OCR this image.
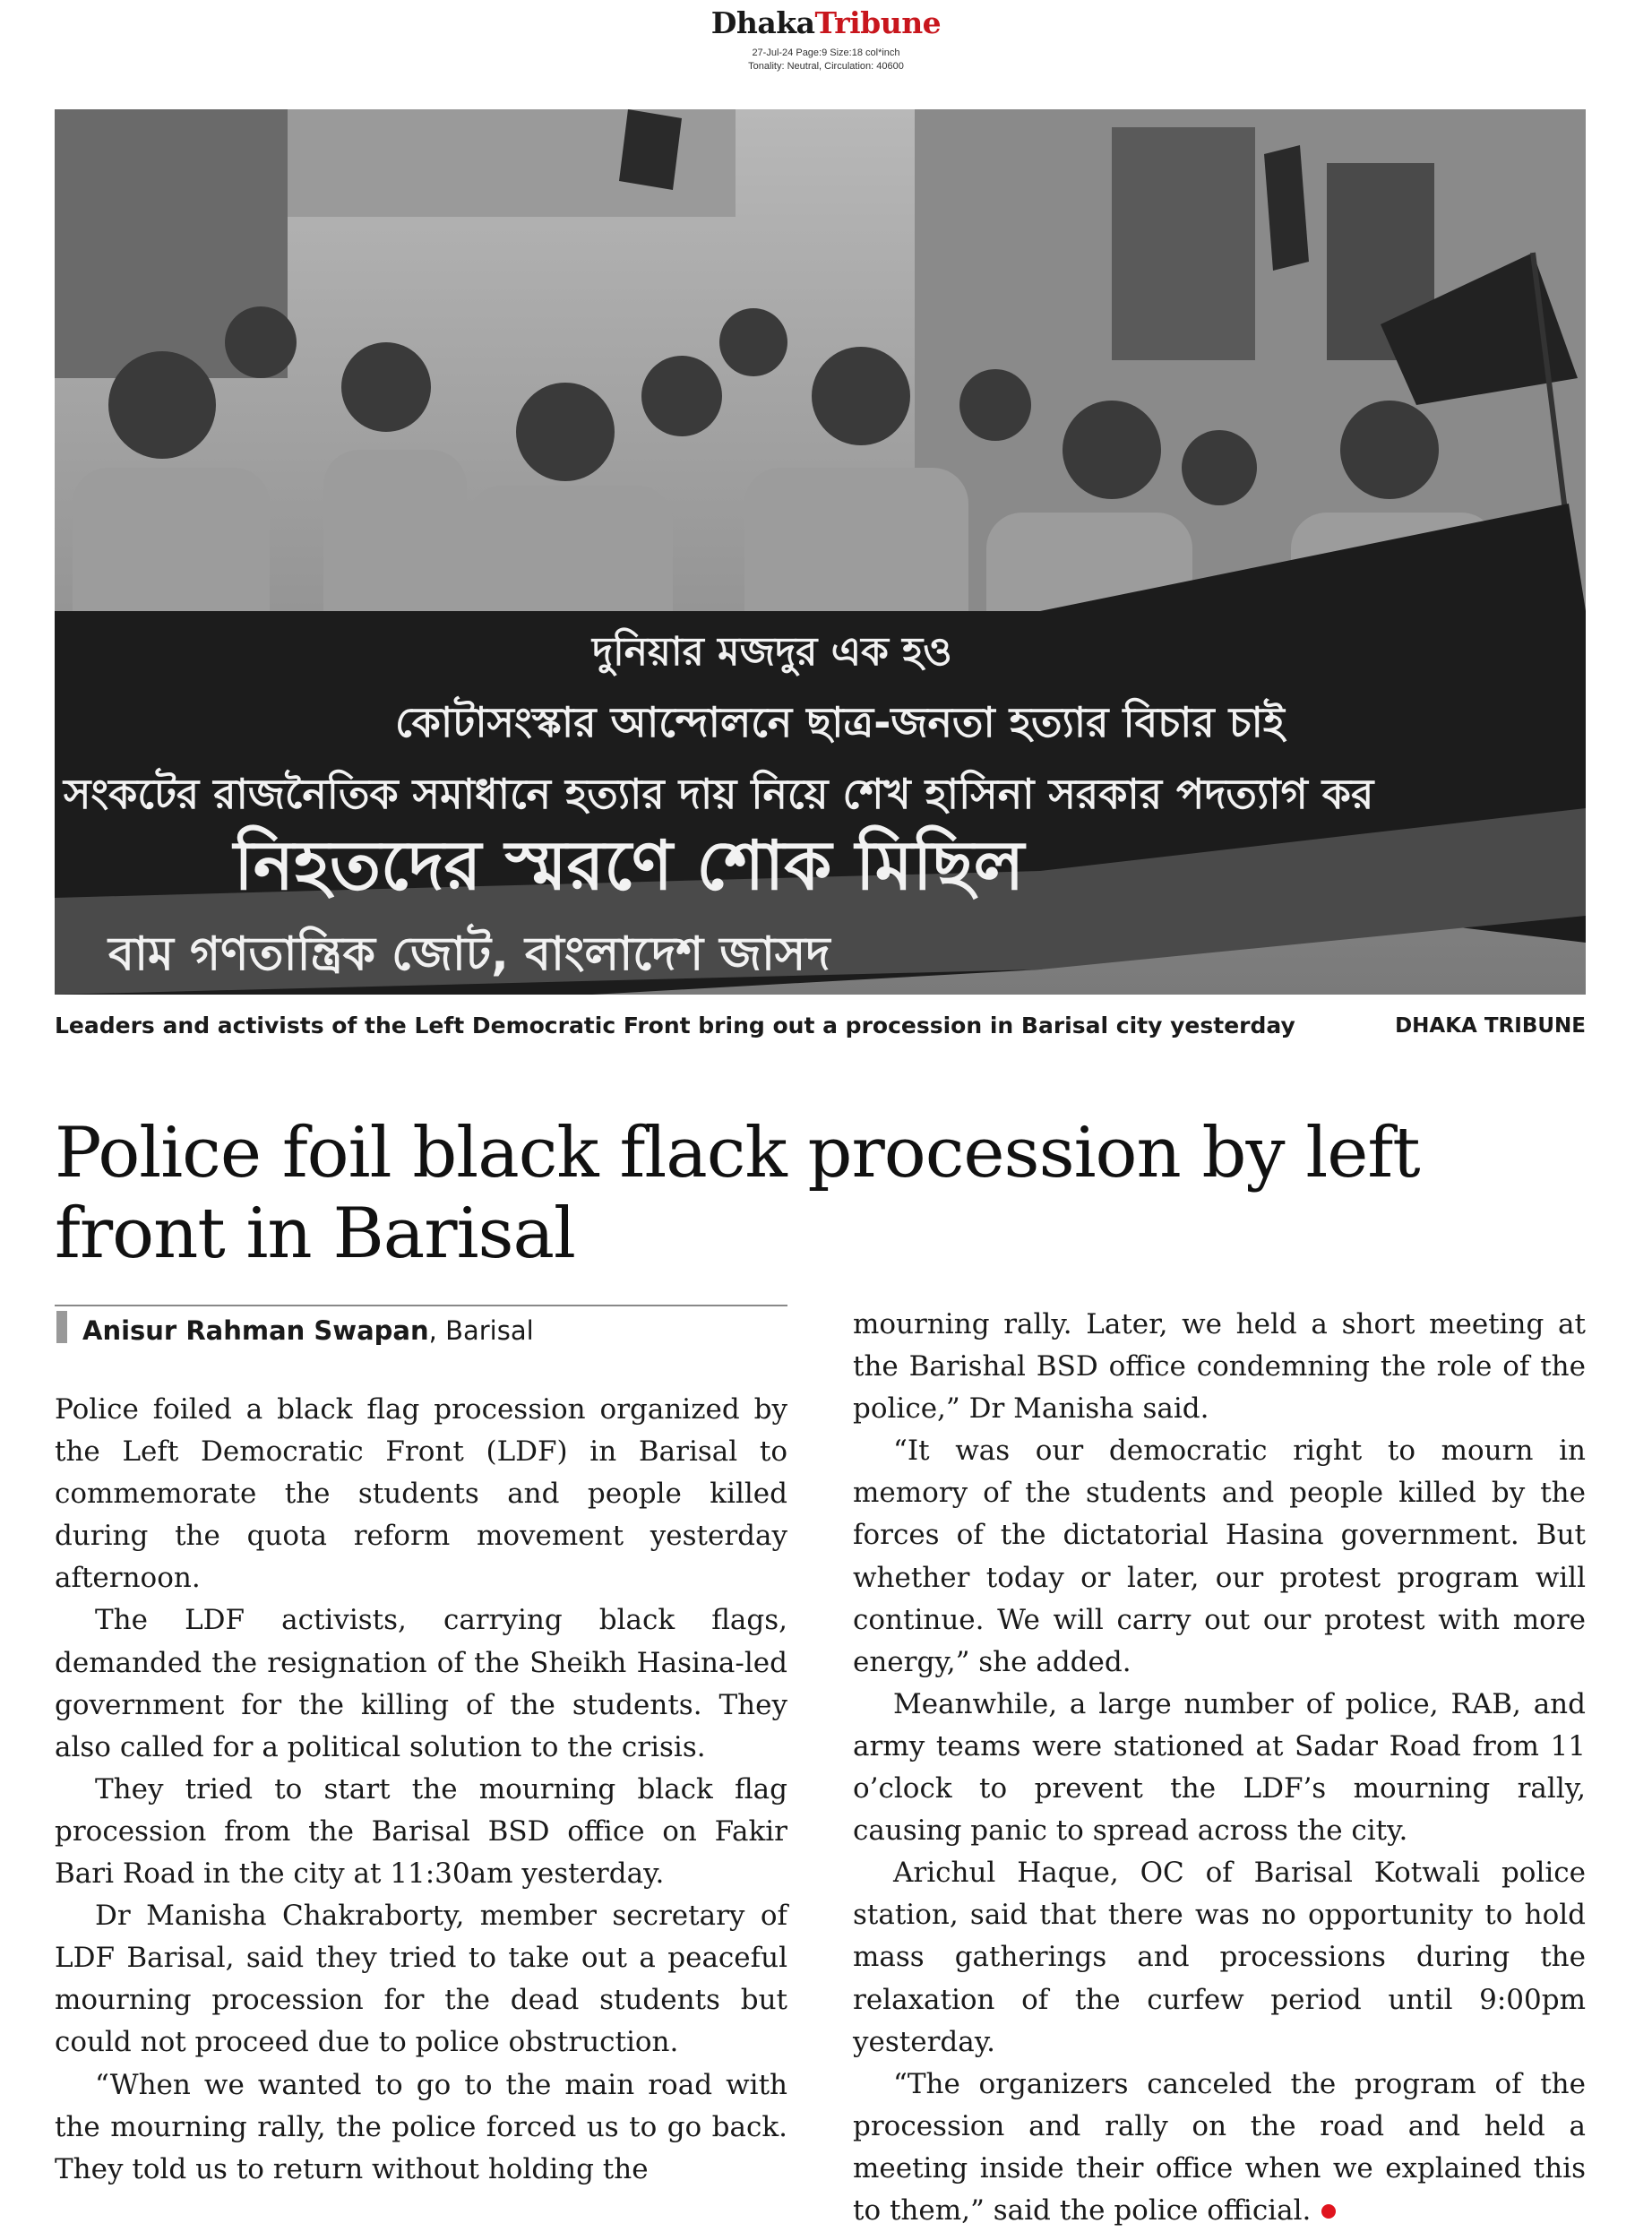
DhakaTribune
27-Jul-24 Page:9 Size:18 col*inch
Tonality: Neutral, Circulation: 40600
দুনিয়ার মজদুর এক হও
কোটাসংস্কার আন্দোলনে ছাত্র-জনতা হত্যার বিচার চাই
সংকটের রাজনৈতিক সমাধানে হত্যার দায় নিয়ে শেখ হাসিনা সরকার পদত্যাগ কর
নিহতদের স্মরণে শোক মিছিল
বাম গণতান্ত্রিক জোট, বাংলাদেশ জাসদ
Leaders and activists of the Left Democratic Front bring out a procession in Barisal city yesterday	DHAKA TRIBUNE
Police foil black flack procession by left front in Barisal
Anisur Rahman Swapan, Barisal

Police foiled a black flag procession organized by the Left Democratic Front (LDF) in Barisal to commemorate the students and people killed during the quota reform movement yesterday afternoon.

The LDF activists, carrying black flags, demanded the resignation of the Sheikh Hasina-led government for the killing of the students. They also called for a political solution to the crisis.

They tried to start the mourning black flag procession from the Barisal BSD office on Fakir Bari Road in the city at 11:30am yesterday.

Dr Manisha Chakraborty, member secretary of LDF Barisal, said they tried to take out a peaceful mourning procession for the dead students but could not proceed due to police obstruction.

“When we wanted to go to the main road with the mourning rally, the police forced us to go back. They told us to return without holding the

mourning rally. Later, we held a short meeting at the Barishal BSD office condemning the role of the police,” Dr Manisha said.

“It was our democratic right to mourn in memory of the students and people killed by the forces of the dictatorial Hasina government. But whether today or later, our protest program will continue. We will carry out our protest with more energy,” she added.

Meanwhile, a large number of police, RAB, and army teams were stationed at Sadar Road from 11 o’clock to prevent the LDF’s mourning rally, causing panic to spread across the city.

Arichul Haque, OC of Barisal Kotwali police station, said that there was no opportunity to hold mass gatherings and processions during the relaxation of the curfew period until 9:00pm yesterday.

“The organizers canceled the program of the procession and rally on the road and held a meeting inside their office when we explained this to them,” said the police official.
